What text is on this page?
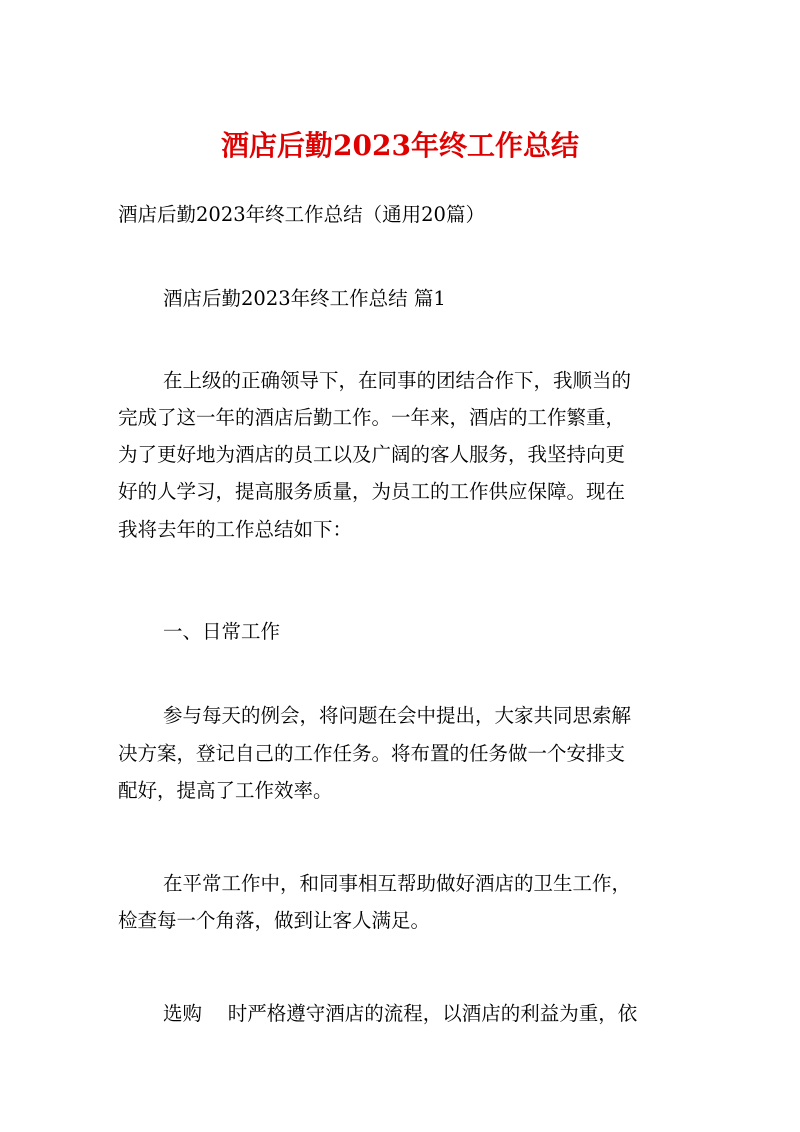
酒店后勤2023年终工作总结
酒店后勤2023年终工作总结（通用20篇）
酒店后勤2023年终工作总结 篇1
在上级的正确领导下，在同事的团结合作下，我顺当的
完成了这一年的酒店后勤工作。一年来，酒店的工作繁重，
为了更好地为酒店的员工以及广阔的客人服务，我坚持向更
好的人学习，提高服务质量，为员工的工作供应保障。现在
我将去年的工作总结如下：
一、日常工作
参与每天的例会，将问题在会中提出，大家共同思索解
决方案，登记自己的工作任务。将布置的任务做一个安排支
配好，提高了工作效率。
在平常工作中，和同事相互帮助做好酒店的卫生工作，
检查每一个角落，做到让客人满足。
选购　 时严格遵守酒店的流程，以酒店的利益为重，依
